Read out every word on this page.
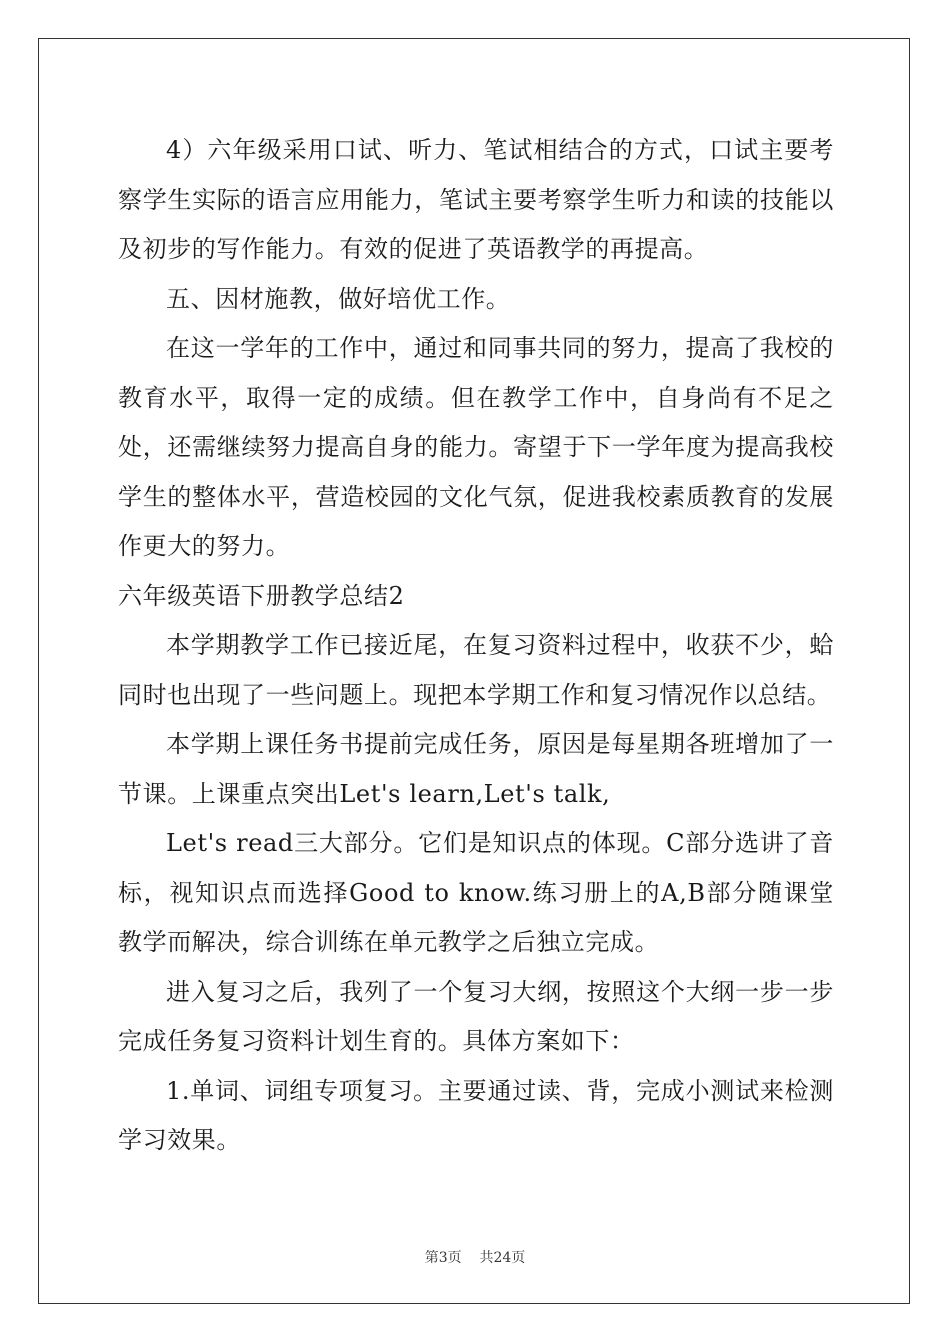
4）六年级采用口试、听力、笔试相结合的方式，口试主要考察学生实际的语言应用能力，笔试主要考察学生听力和读的技能以及初步的写作能力。有效的促进了英语教学的再提高。

五、因材施教，做好培优工作。

在这一学年的工作中，通过和同事共同的努力，提高了我校的教育水平，取得一定的成绩。但在教学工作中，自身尚有不足之处，还需继续努力提高自身的能力。寄望于下一学年度为提高我校学生的整体水平，营造校园的文化气氛，促进我校素质教育的发展作更大的努力。

六年级英语下册教学总结2

本学期教学工作已接近尾，在复习资料过程中，收获不少，蛤同时也出现了一些问题上。现把本学期工作和复习情况作以总结。

本学期上课任务书提前完成任务，原因是每星期各班增加了一节课。上课重点突出Let's learn,Let's talk,

Let's read三大部分。它们是知识点的体现。C部分选讲了音标，视知识点而选择Good to know.练习册上的A,B部分随课堂教学而解决，综合训练在单元教学之后独立完成。

进入复习之后，我列了一个复习大纲，按照这个大纲一步一步完成任务复习资料计划生育的。具体方案如下：

1.单词、词组专项复习。主要通过读、背，完成小测试来检测学习效果。

第3页 共24页
